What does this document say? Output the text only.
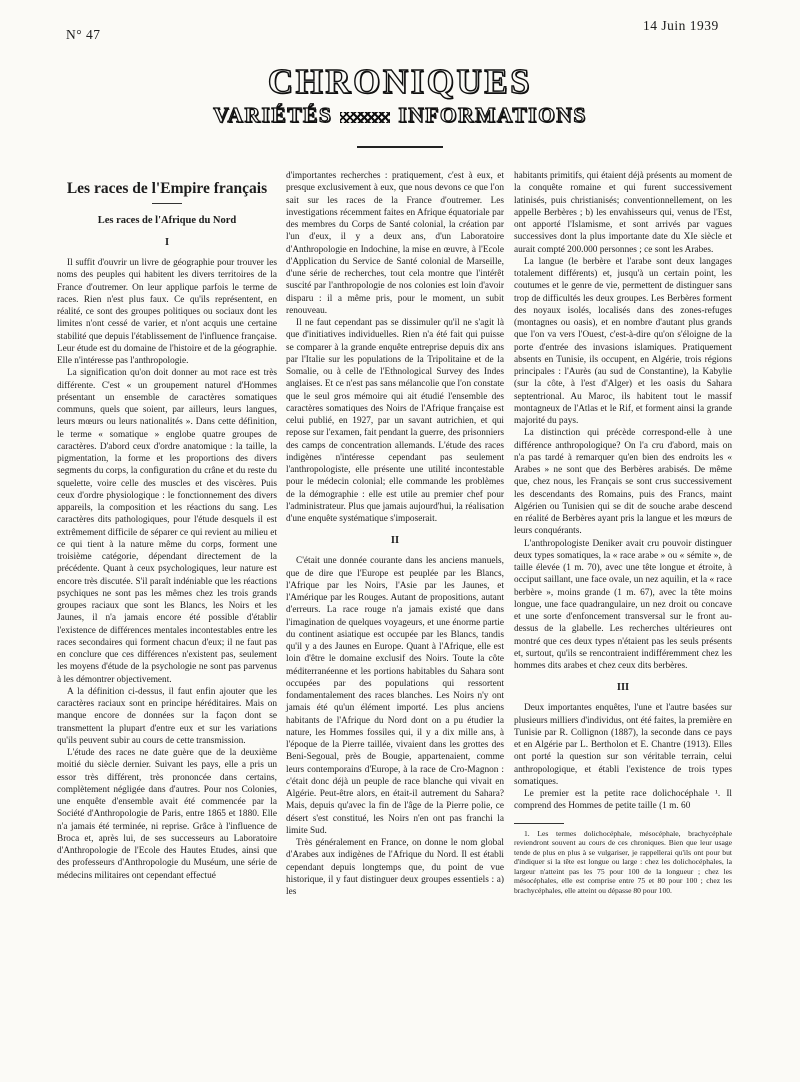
N° 47
14 Juin 1939
CHRONIQUES
VARIÉTÉS	INFORMATIONS
Les races de l'Empire français
Les races de l'Afrique du Nord
I

Il suffit d'ouvrir un livre de géographie pour trouver les noms des peuples qui habitent les divers territoires de la France d'outremer. On leur applique parfois le terme de races. Rien n'est plus faux. Ce qu'ils représentent, en réalité, ce sont des groupes politiques ou sociaux dont les limites n'ont cessé de varier, et n'ont acquis une certaine stabilité que depuis l'établissement de l'influence française. Leur étude est du domaine de l'histoire et de la géographie. Elle n'intéresse pas l'anthropologie.

La signification qu'on doit donner au mot race est très différente. C'est « un groupement naturel d'Hommes présentant un ensemble de caractères somatiques communs, quels que soient, par ailleurs, leurs langues, leurs mœurs ou leurs nationalités ». Dans cette définition, le terme « somatique » englobe quatre groupes de caractères. D'abord ceux d'ordre anatomique : la taille, la pigmentation, la forme et les proportions des divers segments du corps, la configuration du crâne et du reste du squelette, voire celle des muscles et des viscères. Puis ceux d'ordre physiologique : le fonctionnement des divers appareils, la composition et les réactions du sang. Les caractères dits pathologiques, pour l'étude desquels il est extrêmement difficile de séparer ce qui revient au milieu et ce qui tient à la nature même du corps, forment une troisième catégorie, dépendant directement de la précédente. Quant à ceux psychologiques, leur nature est encore très discutée. S'il paraît indéniable que les réactions psychiques ne sont pas les mêmes chez les trois grands groupes raciaux que sont les Blancs, les Noirs et les Jaunes, il n'a jamais encore été possible d'établir l'existence de différences mentales incontestables entre les races secondaires qui forment chacun d'eux; il ne faut pas en conclure que ces différences n'existent pas, seulement les moyens d'étude de la psychologie ne sont pas parvenus à les démontrer objectivement.

A la définition ci-dessus, il faut enfin ajouter que les caractères raciaux sont en principe héréditaires. Mais on manque encore de données sur la façon dont se transmettent la plupart d'entre eux et sur les variations qu'ils peuvent subir au cours de cette transmission.

L'étude des races ne date guère que de la deuxième moitié du siècle dernier. Suivant les pays, elle a pris un essor très différent, très prononcée dans certains, complètement négligée dans d'autres. Pour nos Colonies, une enquête d'ensemble avait été commencée par la Société d'Anthropologie de Paris, entre 1865 et 1880. Elle n'a jamais été terminée, ni reprise. Grâce à l'influence de Broca et, après lui, de ses successeurs au Laboratoire d'Anthropologie de l'Ecole des Hautes Etudes, ainsi que des professeurs d'Anthropologie du Muséum, une série de médecins militaires ont cependant effectué

d'importantes recherches : pratiquement, c'est à eux, et presque exclusivement à eux, que nous devons ce que l'on sait sur les races de la France d'outremer. Les investigations récemment faites en Afrique équatoriale par des membres du Corps de Santé colonial, la création par l'un d'eux, il y a deux ans, d'un Laboratoire d'Anthropologie en Indochine, la mise en œuvre, à l'Ecole d'Application du Service de Santé colonial de Marseille, d'une série de recherches, tout cela montre que l'intérêt suscité par l'anthropologie de nos colonies est loin d'avoir disparu : il a même pris, pour le moment, un subit renouveau.

Il ne faut cependant pas se dissimuler qu'il ne s'agit là que d'initiatives individuelles. Rien n'a été fait qui puisse se comparer à la grande enquête entreprise depuis dix ans par l'Italie sur les populations de la Tripolitaine et de la Somalie, ou à celle de l'Ethnological Survey des Indes anglaises. Et ce n'est pas sans mélancolie que l'on constate que le seul gros mémoire qui ait étudié l'ensemble des caractères somatiques des Noirs de l'Afrique française est celui publié, en 1927, par un savant autrichien, et qui repose sur l'examen, fait pendant la guerre, des prisonniers des camps de concentration allemands. L'étude des races indigènes n'intéresse cependant pas seulement l'anthropologiste, elle présente une utilité incontestable pour le médecin colonial; elle commande les problèmes de la démographie : elle est utile au premier chef pour l'administrateur. Plus que jamais aujourd'hui, la réalisation d'une enquête systématique s'imposerait.

II

C'était une donnée courante dans les anciens manuels, que de dire que l'Europe est peuplée par les Blancs, l'Afrique par les Noirs, l'Asie par les Jaunes, et l'Amérique par les Rouges. Autant de propositions, autant d'erreurs. La race rouge n'a jamais existé que dans l'imagination de quelques voyageurs, et une énorme partie du continent asiatique est occupée par les Blancs, tandis qu'il y a des Jaunes en Europe. Quant à l'Afrique, elle est loin d'être le domaine exclusif des Noirs. Toute la côte méditerranéenne et les portions habitables du Sahara sont occupées par des populations qui ressortent fondamentalement des races blanches. Les Noirs n'y ont jamais été qu'un élément importé. Les plus anciens habitants de l'Afrique du Nord dont on a pu étudier la nature, les Hommes fossiles qui, il y a dix mille ans, à l'époque de la Pierre taillée, vivaient dans les grottes des Beni-Segoual, près de Bougie, appartenaient, comme leurs contemporains d'Europe, à la race de Cro-Magnon : c'était donc déjà un peuple de race blanche qui vivait en Algérie. Peut-être alors, en était-il autrement du Sahara? Mais, depuis qu'avec la fin de l'âge de la Pierre polie, ce désert s'est constitué, les Noirs n'en ont pas franchi la limite Sud.

Très généralement en France, on donne le nom global d'Arabes aux indigènes de l'Afrique du Nord. Il est établi cependant depuis longtemps que, du point de vue historique, il y faut distinguer deux groupes essentiels : a) les

habitants primitifs, qui étaient déjà présents au moment de la conquête romaine et qui furent successivement latinisés, puis christianisés; conventionnellement, on les appelle Berbères ; b) les envahisseurs qui, venus de l'Est, ont apporté l'Islamisme, et sont arrivés par vagues successives dont la plus importante date du XIe siècle et aurait compté 200.000 personnes ; ce sont les Arabes.

La langue (le berbère et l'arabe sont deux langages totalement différents) et, jusqu'à un certain point, les coutumes et le genre de vie, permettent de distinguer sans trop de difficultés les deux groupes. Les Berbères forment des noyaux isolés, localisés dans des zones-refuges (montagnes ou oasis), et en nombre d'autant plus grands que l'on va vers l'Ouest, c'est-à-dire qu'on s'éloigne de la porte d'entrée des invasions islamiques. Pratiquement absents en Tunisie, ils occupent, en Algérie, trois régions principales : l'Aurès (au sud de Constantine), la Kabylie (sur la côte, à l'est d'Alger) et les oasis du Sahara septentrional. Au Maroc, ils habitent tout le massif montagneux de l'Atlas et le Rif, et forment ainsi la grande majorité du pays.

La distinction qui précède correspond-elle à une différence anthropologique? On l'a cru d'abord, mais on n'a pas tardé à remarquer qu'en bien des endroits les « Arabes » ne sont que des Berbères arabisés. De même que, chez nous, les Français se sont crus successivement les descendants des Romains, puis des Francs, maint Algérien ou Tunisien qui se dit de souche arabe descend en réalité de Berbères ayant pris la langue et les mœurs de leurs conquérants.

L'anthropologiste Deniker avait cru pouvoir distinguer deux types somatiques, la « race arabe » ou « sémite », de taille élevée (1 m. 70), avec une tête longue et étroite, à occiput saillant, une face ovale, un nez aquilin, et la « race berbère », moins grande (1 m. 67), avec la tête moins longue, une face quadrangulaire, un nez droit ou concave et une sorte d'enfoncement transversal sur le front au-dessus de la glabelle. Les recherches ultérieures ont montré que ces deux types n'étaient pas les seuls présents et, surtout, qu'ils se rencontraient indifféremment chez les hommes dits arabes et chez ceux dits berbères.

III

Deux importantes enquêtes, l'une et l'autre basées sur plusieurs milliers d'individus, ont été faites, la première en Tunisie par R. Collignon (1887), la seconde dans ce pays et en Algérie par L. Bertholon et E. Chantre (1913). Elles ont porté la question sur son véritable terrain, celui anthropologique, et établi l'existence de trois types somatiques.

Le premier est la petite race dolichocéphale ¹. Il comprend des Hommes de petite taille (1 m. 60

1. Les termes dolichocéphale, mésocéphale, brachycéphale reviendront souvent au cours de ces chroniques. Bien que leur usage tende de plus en plus à se vulgariser, je rappellerai qu'ils ont pour but d'indiquer si la tête est longue ou large : chez les dolichocéphales, la largeur n'atteint pas les 75 pour 100 de la longueur ; chez les mésocéphales, elle est comprise entre 75 et 80 pour 100 ; chez les brachycéphales, elle atteint ou dépasse 80 pour 100.
